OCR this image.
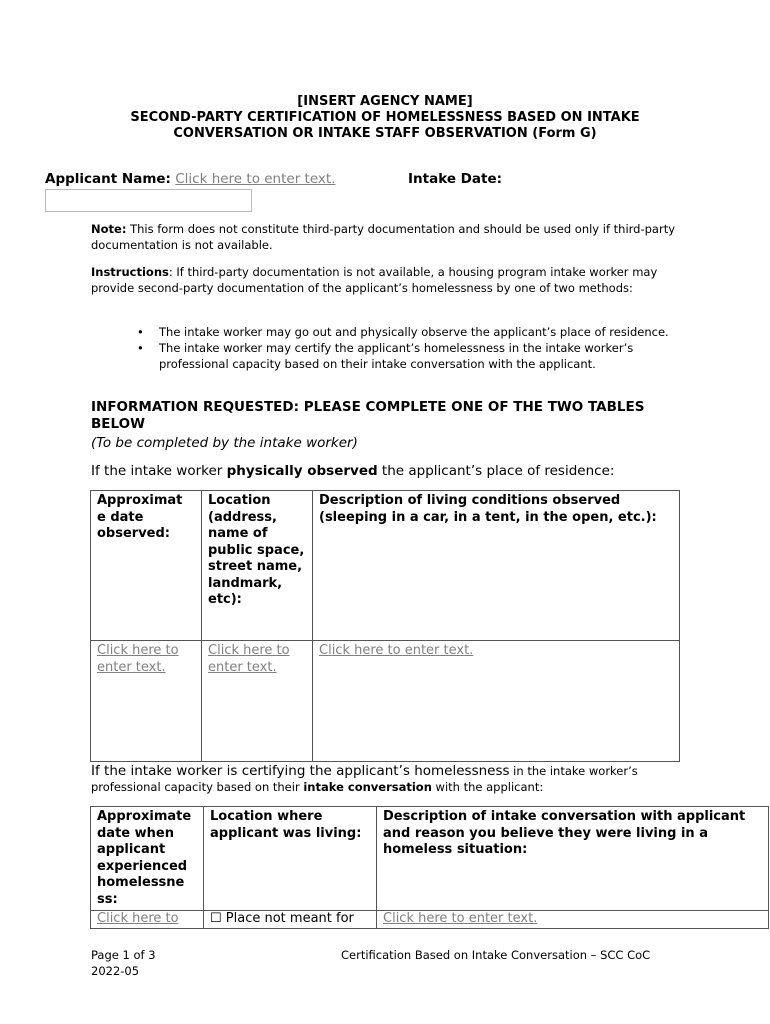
[INSERT AGENCY NAME]
SECOND-PARTY CERTIFICATION OF HOMELESSNESS BASED ON INTAKE
CONVERSATION OR INTAKE STAFF OBSERVATION (Form G)
Applicant Name: Click here to enter text.	Intake Date:
Note: This form does not constitute third-party documentation and should be used only if third-party documentation is not available.
Instructions: If third-party documentation is not available, a housing program intake worker may provide second-party documentation of the applicant’s homelessness by one of two methods:
• The intake worker may go out and physically observe the applicant’s place of residence.
• The intake worker may certify the applicant’s homelessness in the intake worker’s professional capacity based on their intake conversation with the applicant.
INFORMATION REQUESTED: PLEASE COMPLETE ONE OF THE TWO TABLES BELOW
(To be completed by the intake worker)
If the intake worker physically observed the applicant’s place of residence:
Approximat e date observed:	Location (address, name of public space, street name, landmark, etc):	Description of living conditions observed (sleeping in a car, in a tent, in the open, etc.):
Click here to enter text.	Click here to enter text.	Click here to enter text.
If the intake worker is certifying the applicant’s homelessness in the intake worker’s professional capacity based on their intake conversation with the applicant:
Approximate date when applicant experienced homelessne ss:	Location where applicant was living:	Description of intake conversation with applicant and reason you believe they were living in a homeless situation:
Click here to	☐ Place not meant for	Click here to enter text.
Page 1 of 3
2022-05
Certification Based on Intake Conversation – SCC CoC
